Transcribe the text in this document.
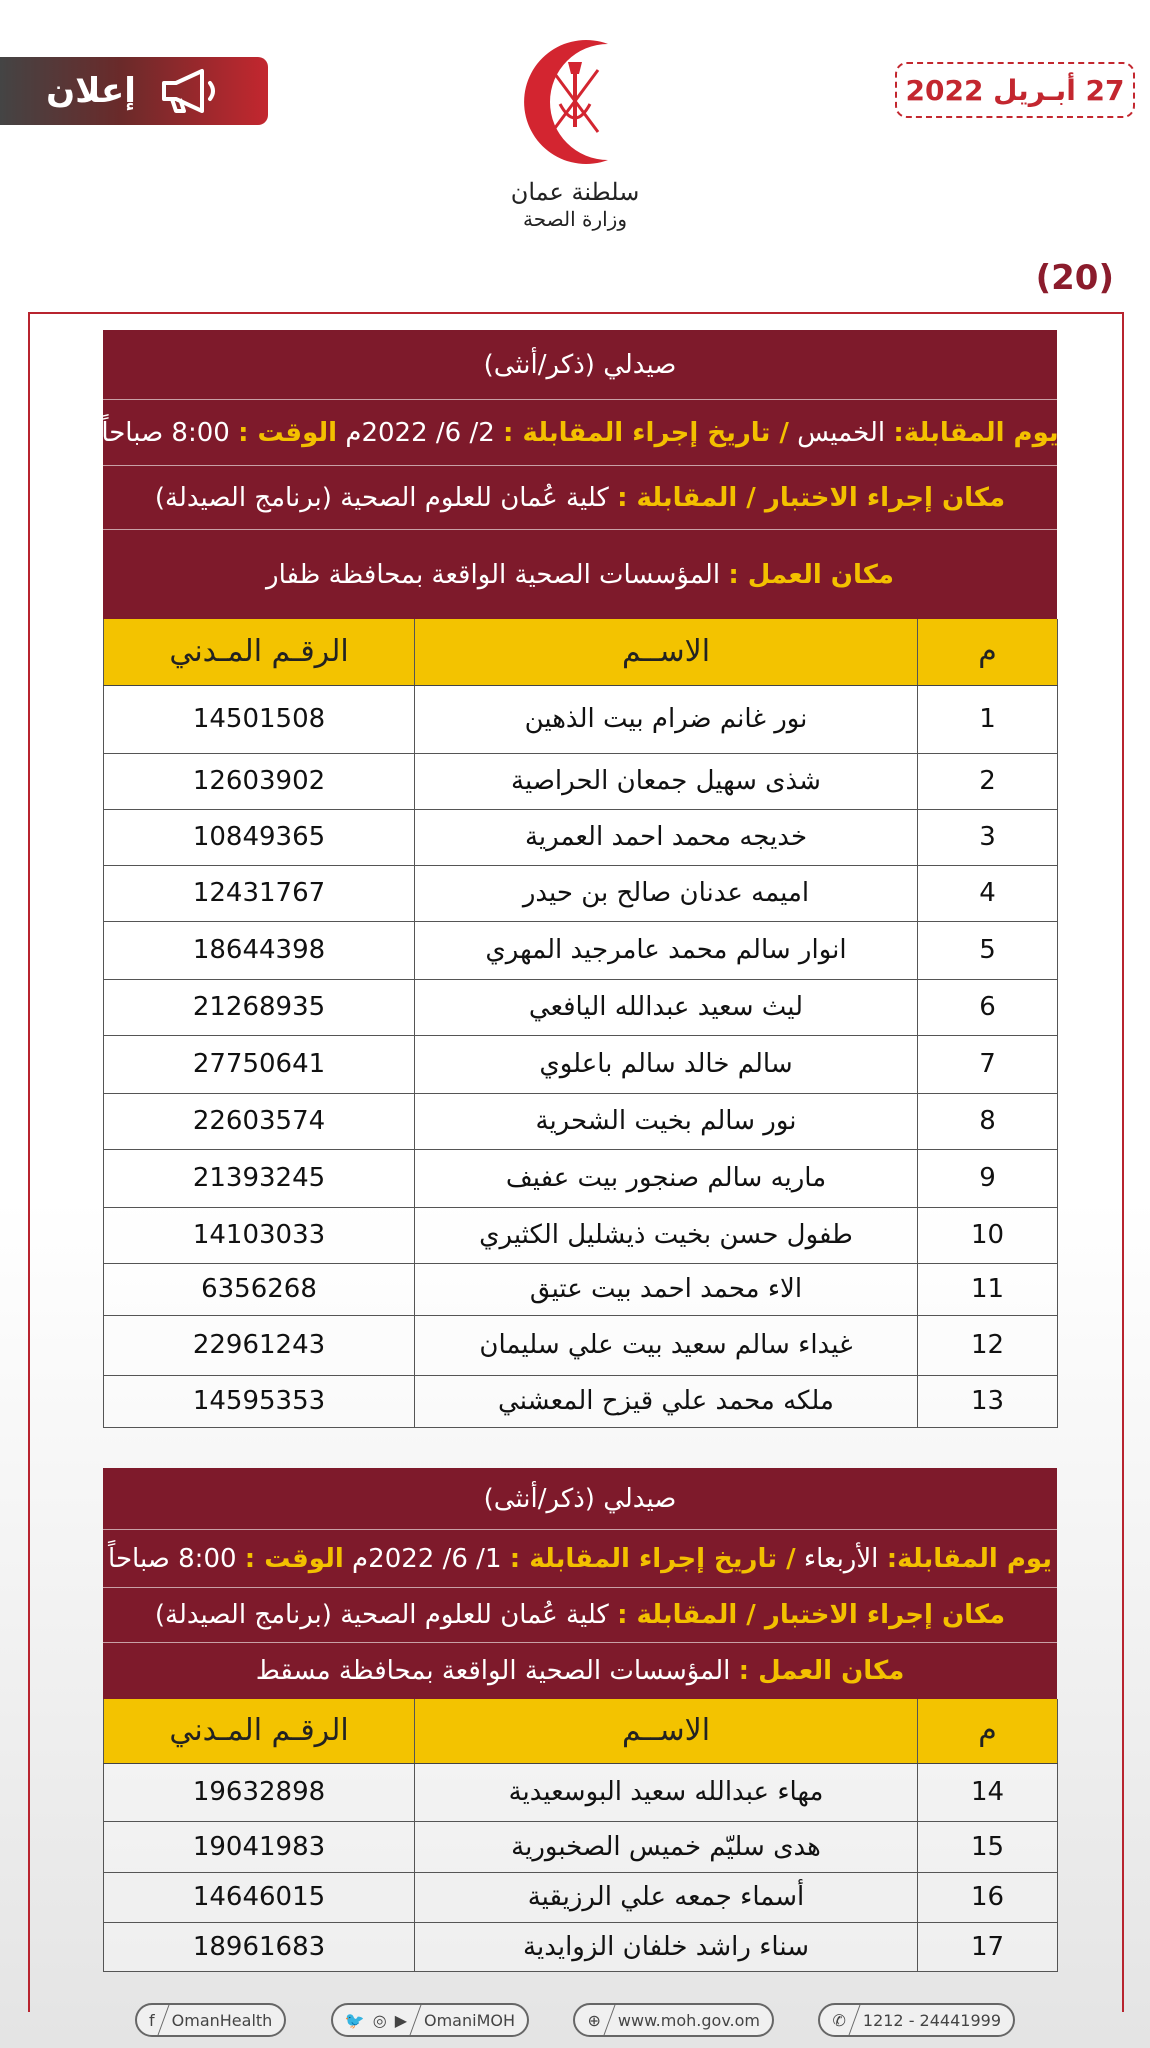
إعلان
سلطنة عمان
وزارة الصحة
27 أبـريل 2022
(20)
صيدلي (ذكر/أنثى)
يوم المقابلة: الخميس / تاريخ إجراء المقابلة : 2/ 6/ 2022م الوقت : 8:00 صباحاً
مكان إجراء الاختبار / المقابلة : كلية عُمان للعلوم الصحية (برنامج الصيدلة)
مكان العمل : المؤسسات الصحية الواقعة بمحافظة ظفار
م	الاســم	الرقـم المـدني
1	نور غانم ضرام بيت الذهين	14501508
2	شذى سهيل جمعان الحراصية	12603902
3	خديجه محمد احمد العمرية	10849365
4	اميمه عدنان صالح بن حيدر	12431767
5	انوار سالم محمد عامرجيد المهري	18644398
6	ليث سعيد عبدالله اليافعي	21268935
7	سالم خالد سالم باعلوي	27750641
8	نور سالم بخيت الشحرية	22603574
9	ماريه سالم صنجور بيت عفيف	21393245
10	طفول حسن بخيت ذيشليل الكثيري	14103033
11	الاء محمد احمد بيت عتيق	6356268
12	غيداء سالم سعيد بيت علي سليمان	22961243
13	ملكه محمد علي قيزح المعشني	14595353
صيدلي (ذكر/أنثى)
يوم المقابلة: الأربعاء / تاريخ إجراء المقابلة : 1/ 6/ 2022م الوقت : 8:00 صباحاً
مكان إجراء الاختبار / المقابلة : كلية عُمان للعلوم الصحية (برنامج الصيدلة)
مكان العمل : المؤسسات الصحية الواقعة بمحافظة مسقط
م	الاســم	الرقـم المـدني
14	مهاء عبدالله سعيد البوسعيدية	19632898
15	هدى سليّم خميس الصخبورية	19041983
16	أسماء جمعه علي الرزيقية	14646015
17	سناء راشد خلفان الزوايدية	18961683
f OmanHealth	🐦 ◎ ▶ OmaniMOH	⊕ www.moh.gov.om	✆ 1212 - 24441999
